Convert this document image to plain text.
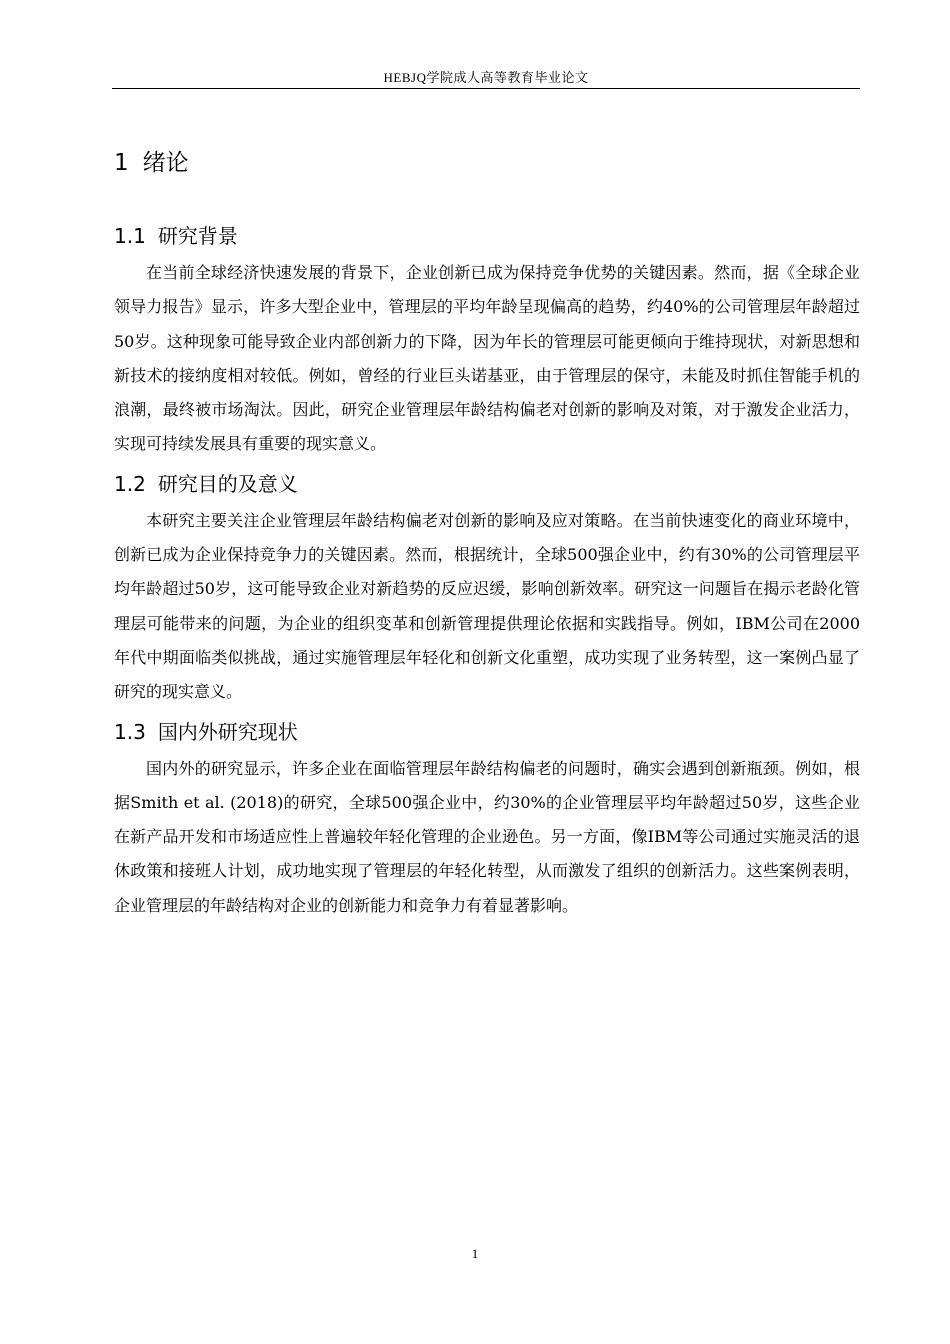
HEBJQ学院成人高等教育毕业论文
1 绪论
1.1 研究背景

在当前全球经济快速发展的背景下，企业创新已成为保持竞争优势的关键因素。然而，据《全球企业领导力报告》显示，许多大型企业中，管理层的平均年龄呈现偏高的趋势，约40%的公司管理层年龄超过50岁。这种现象可能导致企业内部创新力的下降，因为年长的管理层可能更倾向于维持现状，对新思想和新技术的接纳度相对较低。例如，曾经的行业巨头诺基亚，由于管理层的保守，未能及时抓住智能手机的浪潮，最终被市场淘汰。因此，研究企业管理层年龄结构偏老对创新的影响及对策，对于激发企业活力，实现可持续发展具有重要的现实意义。

1.2 研究目的及意义

本研究主要关注企业管理层年龄结构偏老对创新的影响及应对策略。在当前快速变化的商业环境中，创新已成为企业保持竞争力的关键因素。然而，根据统计，全球500强企业中，约有30%的公司管理层平均年龄超过50岁，这可能导致企业对新趋势的反应迟缓，影响创新效率。研究这一问题旨在揭示老龄化管理层可能带来的问题，为企业的组织变革和创新管理提供理论依据和实践指导。例如，IBM公司在2000年代中期面临类似挑战，通过实施管理层年轻化和创新文化重塑，成功实现了业务转型，这一案例凸显了研究的现实意义。

1.3 国内外研究现状

国内外的研究显示，许多企业在面临管理层年龄结构偏老的问题时，确实会遇到创新瓶颈。例如，根据Smith et al. (2018)的研究，全球500强企业中，约30%的企业管理层平均年龄超过50岁，这些企业在新产品开发和市场适应性上普遍较年轻化管理的企业逊色。另一方面，像IBM等公司通过实施灵活的退休政策和接班人计划，成功地实现了管理层的年轻化转型，从而激发了组织的创新活力。这些案例表明，企业管理层的年龄结构对企业的创新能力和竞争力有着显著影响。

1
